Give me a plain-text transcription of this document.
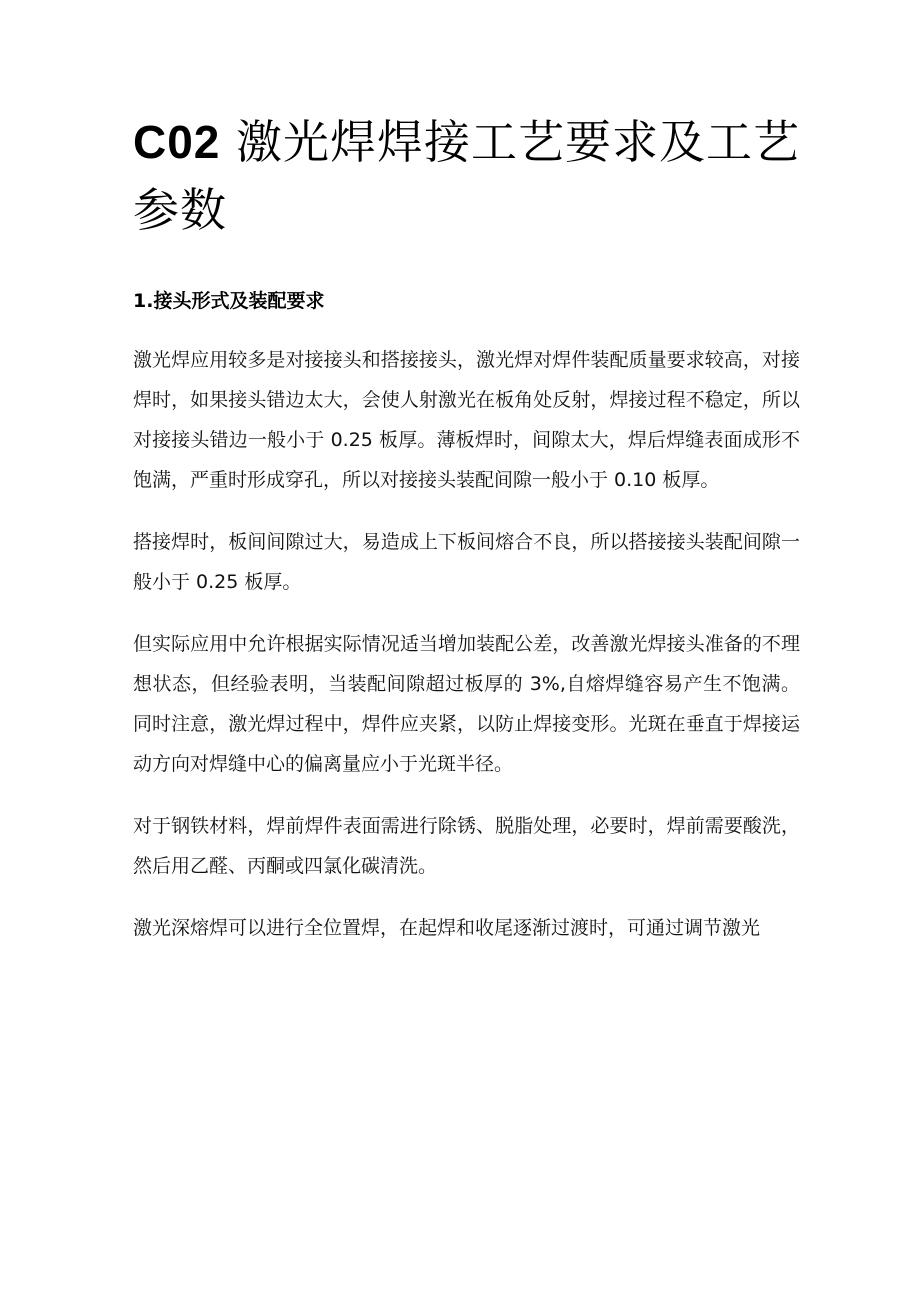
C02 激光焊焊接工艺要求及工艺参数
1.接头形式及装配要求

激光焊应用较多是对接接头和搭接接头，激光焊对焊件装配质量要求较高，对接焊时，如果接头错边太大，会使人射激光在板角处反射，焊接过程不稳定，所以对接接头错边一般小于 0.25 板厚。薄板焊时，间隙太大，焊后焊缝表面成形不饱满，严重时形成穿孔，所以对接接头装配间隙一般小于 0.10 板厚。

搭接焊时，板间间隙过大，易造成上下板间熔合不良，所以搭接接头装配间隙一般小于 0.25 板厚。

但实际应用中允许根据实际情况适当增加装配公差，改善激光焊接头准备的不理想状态，但经验表明，当装配间隙超过板厚的 3%,自熔焊缝容易产生不饱满。同时注意，激光焊过程中，焊件应夹紧，以防止焊接变形。光斑在垂直于焊接运动方向对焊缝中心的偏离量应小于光斑半径。

对于钢铁材料，焊前焊件表面需进行除锈、脱脂处理，必要时，焊前需要酸洗，然后用乙醛、丙酮或四氯化碳清洗。

激光深熔焊可以进行全位置焊，在起焊和收尾逐渐过渡时，可通过调节激光
